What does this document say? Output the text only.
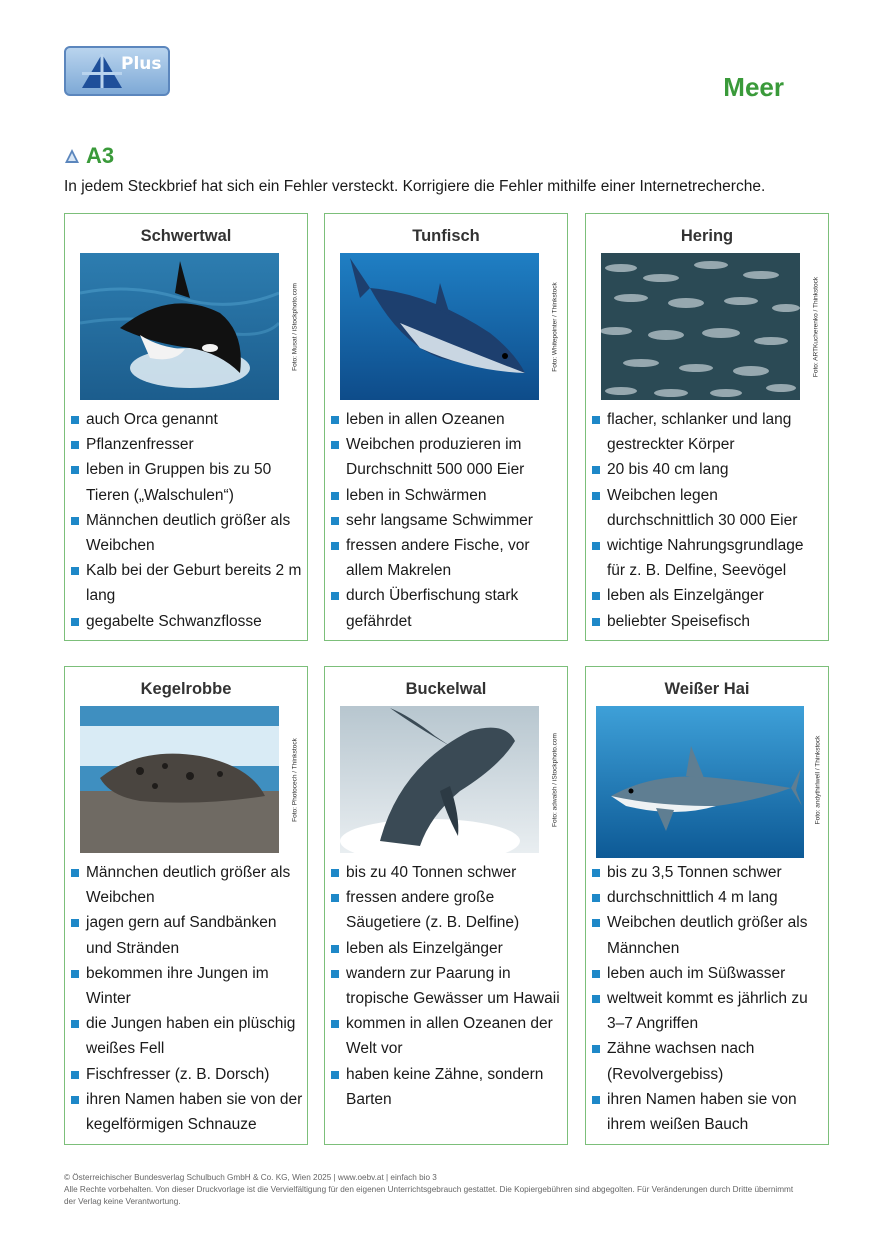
Plus
Meer
A3
In jedem Steckbrief hat sich ein Fehler versteckt. Korrigiere die Fehler mithilfe einer Internetrecherche.
Schwertwal
Foto: Musat / iStockphoto.com
auch Orca genannt
Pflanzenfresser
leben in Gruppen bis zu 50 Tieren („Walschulen“)
Männchen deutlich größer als Weibchen
Kalb bei der Geburt bereits 2 m lang
gegabelte Schwanzflosse
Tunfisch
Foto: Whitepointer / Thinkstock
leben in allen Ozeanen
Weibchen produzieren im Durchschnitt 500 000 Eier
leben in Schwärmen
sehr langsame Schwimmer
fressen andere Fische, vor allem Makrelen
durch Überfischung stark gefährdet
Hering
Foto: ARTKucherenko / Thinkstock
flacher, schlanker und lang gestreckter Körper
20 bis 40 cm lang
Weibchen legen durchschnittlich 30 000 Eier
wichtige Nahrungsgrundlage für z. B. Delfine, Seevögel
leben als Einzelgänger
beliebter Speisefisch
Kegelrobbe
Foto: Photocech / Thinkstock
Männchen deutlich größer als Weibchen
jagen gern auf Sandbänken und Stränden
bekommen ihre Jungen im Winter
die Jungen haben ein plüschig weißes Fell
Fischfresser (z. B. Dorsch)
ihren Namen haben sie von der kegelförmigen Schnauze
Buckelwal
Foto: adwalsh / iStockphoto.com
bis zu 40 Tonnen schwer
fressen andere große Säugetiere (z. B. Delfine)
leben als Einzelgänger
wandern zur Paarung in tropische Gewässer um Hawaii
kommen in allen Ozeanen der Welt vor
haben keine Zähne, sondern Barten
Weißer Hai
Foto: andythirlwell / Thinkstock
bis zu 3,5 Tonnen schwer
durchschnittlich 4 m lang
Weibchen deutlich größer als Männchen
leben auch im Süßwasser
weltweit kommt es jährlich zu 3–7 Angriffen
Zähne wachsen nach (Revolvergebiss)
ihren Namen haben sie von ihrem weißen Bauch
© Österreichischer Bundesverlag Schulbuch GmbH & Co. KG, Wien 2025 | www.oebv.at | einfach bio 3
Alle Rechte vorbehalten. Von dieser Druckvorlage ist die Vervielfältigung für den eigenen Unterrichtsgebrauch gestattet. Die Kopiergebühren sind abgegolten. Für Veränderungen durch Dritte übernimmt der Verlag keine Verantwortung.
